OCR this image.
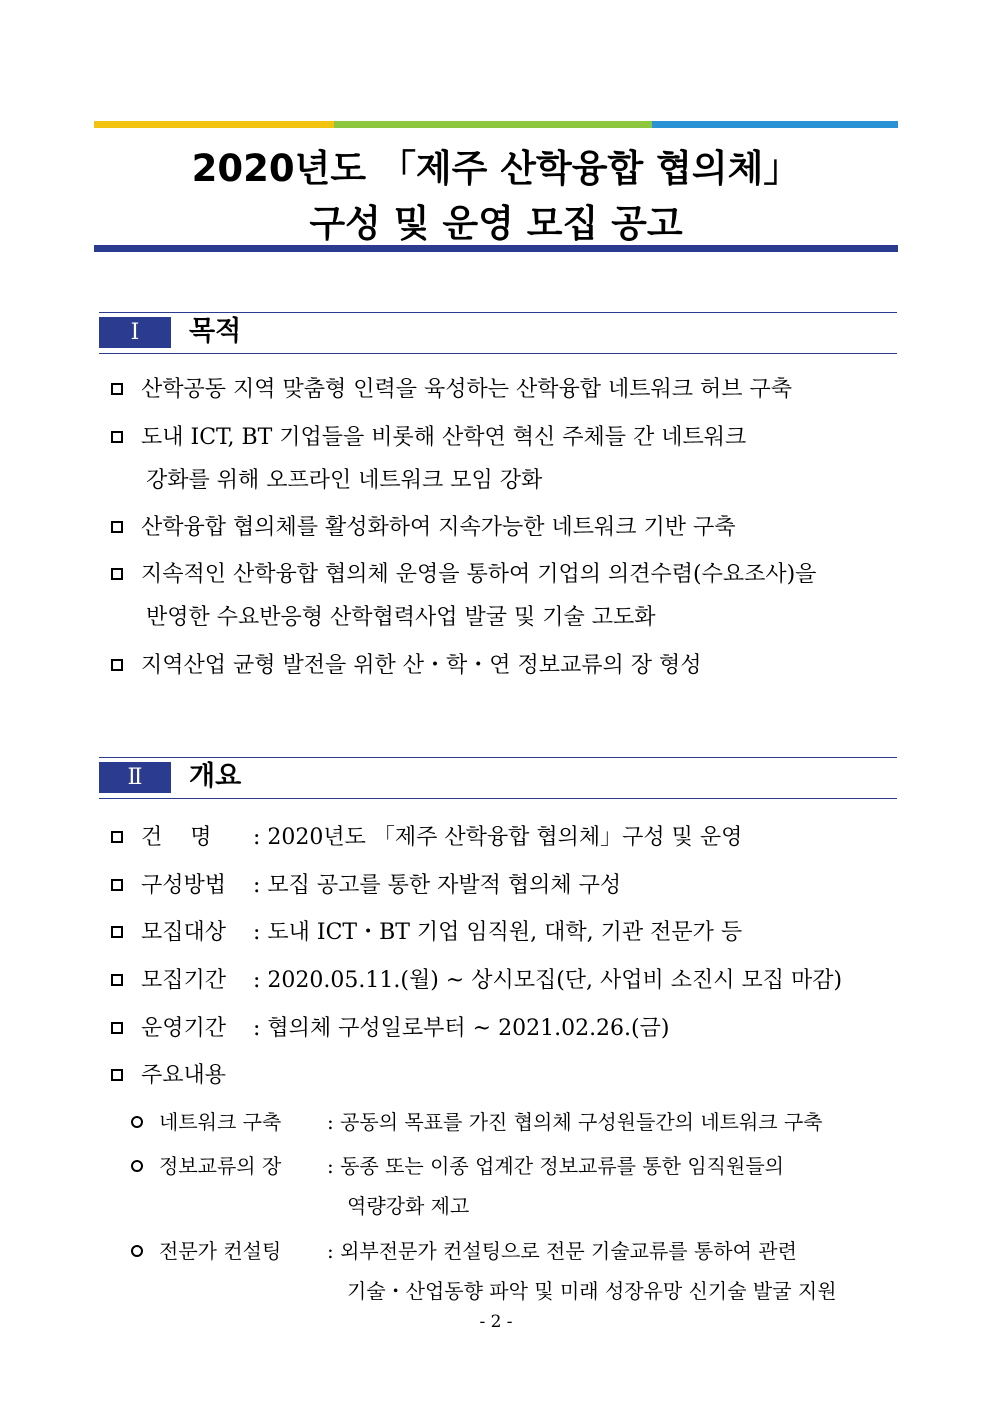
2020년도 「제주 산학융합 협의체」
구성 및 운영 모집 공고
Ⅰ	목적
산학공동 지역 맞춤형 인력을 육성하는 산학융합 네트워크 허브 구축
도내 ICT, BT 기업들을 비롯해 산학연 혁신 주체들 간 네트워크
강화를 위해 오프라인 네트워크 모임 강화
산학융합 협의체를 활성화하여 지속가능한 네트워크 기반 구축
지속적인 산학융합 협의체 운영을 통하여 기업의 의견수렴(수요조사)을
반영한 수요반응형 산학협력사업 발굴 및 기술 고도화
지역산업 균형 발전을 위한 산・학・연 정보교류의 장 형성
Ⅱ	개요
건명 : 2020년도 「제주 산학융합 협의체」구성 및 운영
구성방법 : 모집 공고를 통한 자발적 협의체 구성
모집대상 : 도내 ICT・BT 기업 임직원, 대학, 기관 전문가 등
모집기간 : 2020.05.11.(월) ~ 상시모집(단, 사업비 소진시 모집 마감)
운영기간 : 협의체 구성일로부터 ~ 2021.02.26.(금)
주요내용
네트워크 구축 : 공동의 목표를 가진 협의체 구성원들간의 네트워크 구축
정보교류의 장 : 동종 또는 이종 업계간 정보교류를 통한 임직원들의
역량강화 제고
전문가 컨설팅 : 외부전문가 컨설팅으로 전문 기술교류를 통하여 관련
기술・산업동향 파악 및 미래 성장유망 신기술 발굴 지원
- 2 -
